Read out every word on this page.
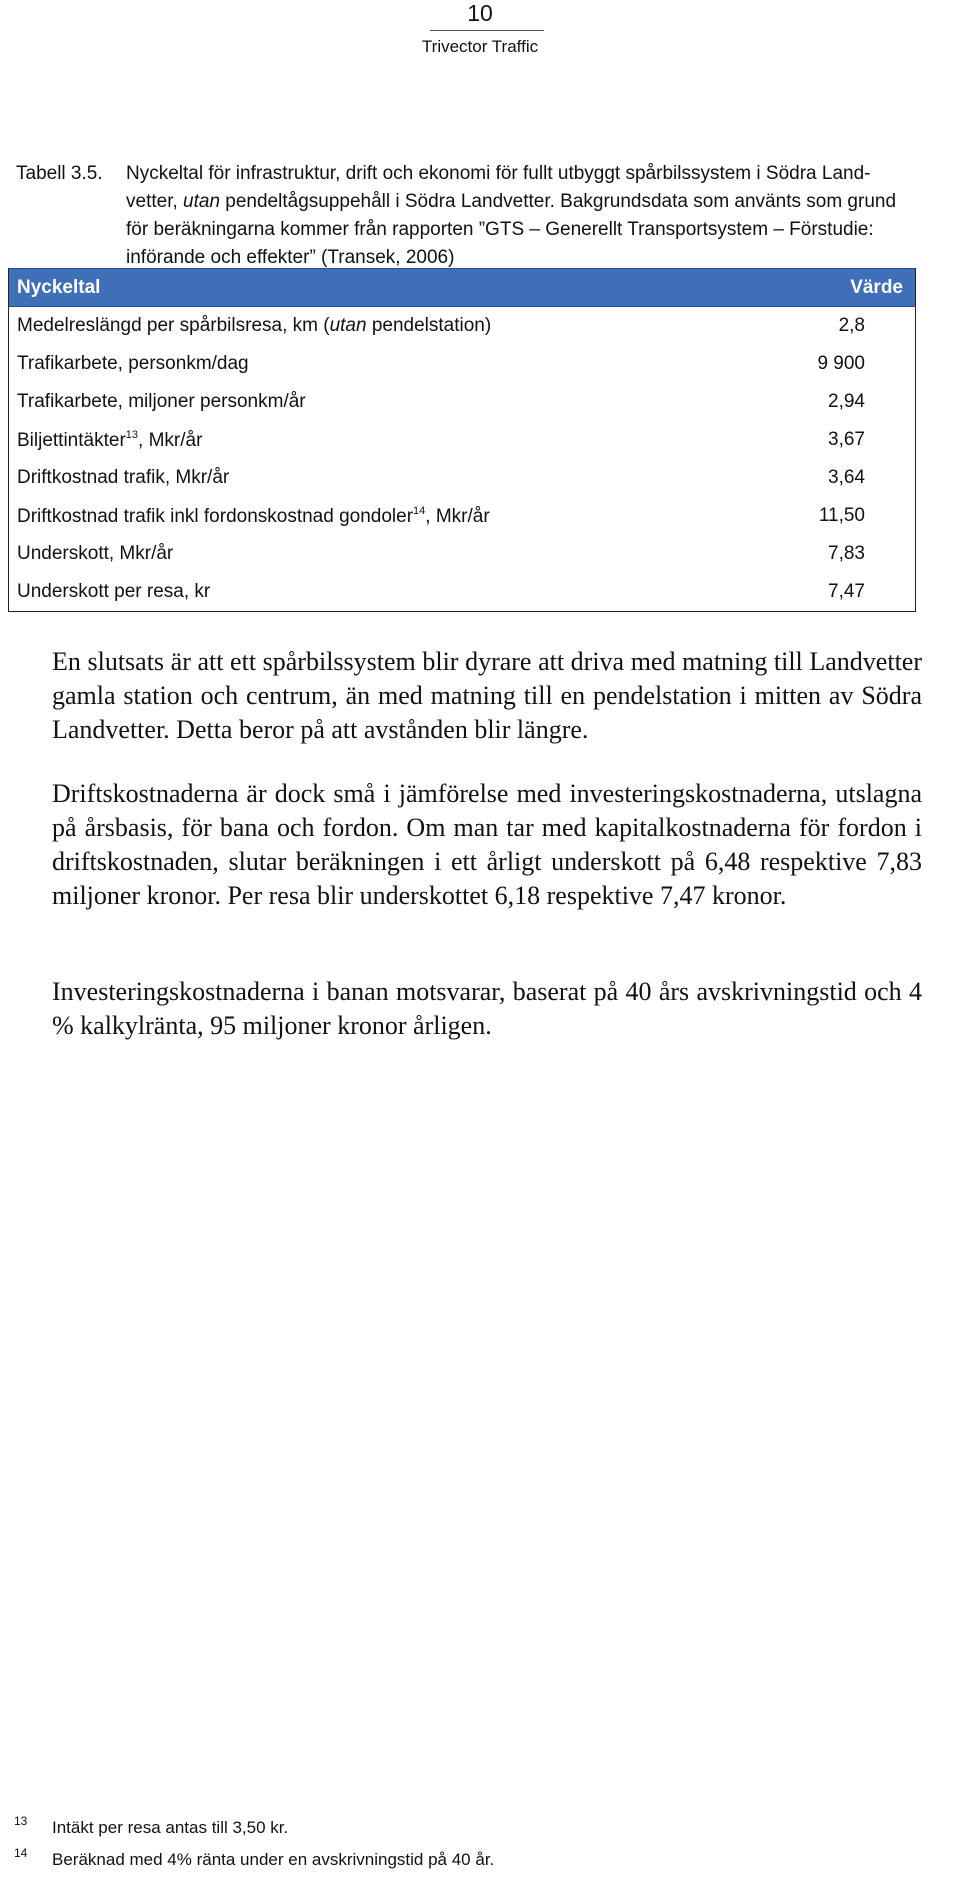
10
Trivector Traffic
Tabell 3.5. Nyckeltal för infrastruktur, drift och ekonomi för fullt utbyggt spårbilssystem i Södra Land-
vetter, utan pendeltågsuppehåll i Södra Landvetter. Bakgrundsdata som använts som grund
för beräkningarna kommer från rapporten ”GTS – Generellt Transportsystem – Förstudie:
införande och effekter” (Transek, 2006)
Nyckeltal	Värde
Medelreslängd per spårbilsresa, km (utan pendelstation)	2,8
Trafikarbete, personkm/dag	9 900
Trafikarbete, miljoner personkm/år	2,94
Biljettintäkter$^{13}$, Mkr/år	3,67
Driftkostnad trafik, Mkr/år	3,64
Driftkostnad trafik inkl fordonskostnad gondoler$^{14}$, Mkr/år	11,50
Underskott, Mkr/år	7,83
Underskott per resa, kr	7,47

En slutsats är att ett spårbilssystem blir dyrare att driva med matning till Landvetter gamla station och centrum, än med matning till en pendelstation i mitten av Södra Landvetter. Detta beror på att avstånden blir längre.

Driftskostnaderna är dock små i jämförelse med investeringskostnaderna, utslagna på årsbasis, för bana och fordon. Om man tar med kapitalkostnaderna för fordon i driftskostnaden, slutar beräkningen i ett årligt underskott på 6,48 respektive 7,83 miljoner kronor. Per resa blir underskottet 6,18 respektive 7,47 kronor.

Investeringskostnaderna i banan motsvarar, baserat på 40 års avskrivningstid och 4 % kalkylränta, 95 miljoner kronor årligen.

13 Intäkt per resa antas till 3,50 kr.
14 Beräknad med 4% ränta under en avskrivningstid på 40 år.
